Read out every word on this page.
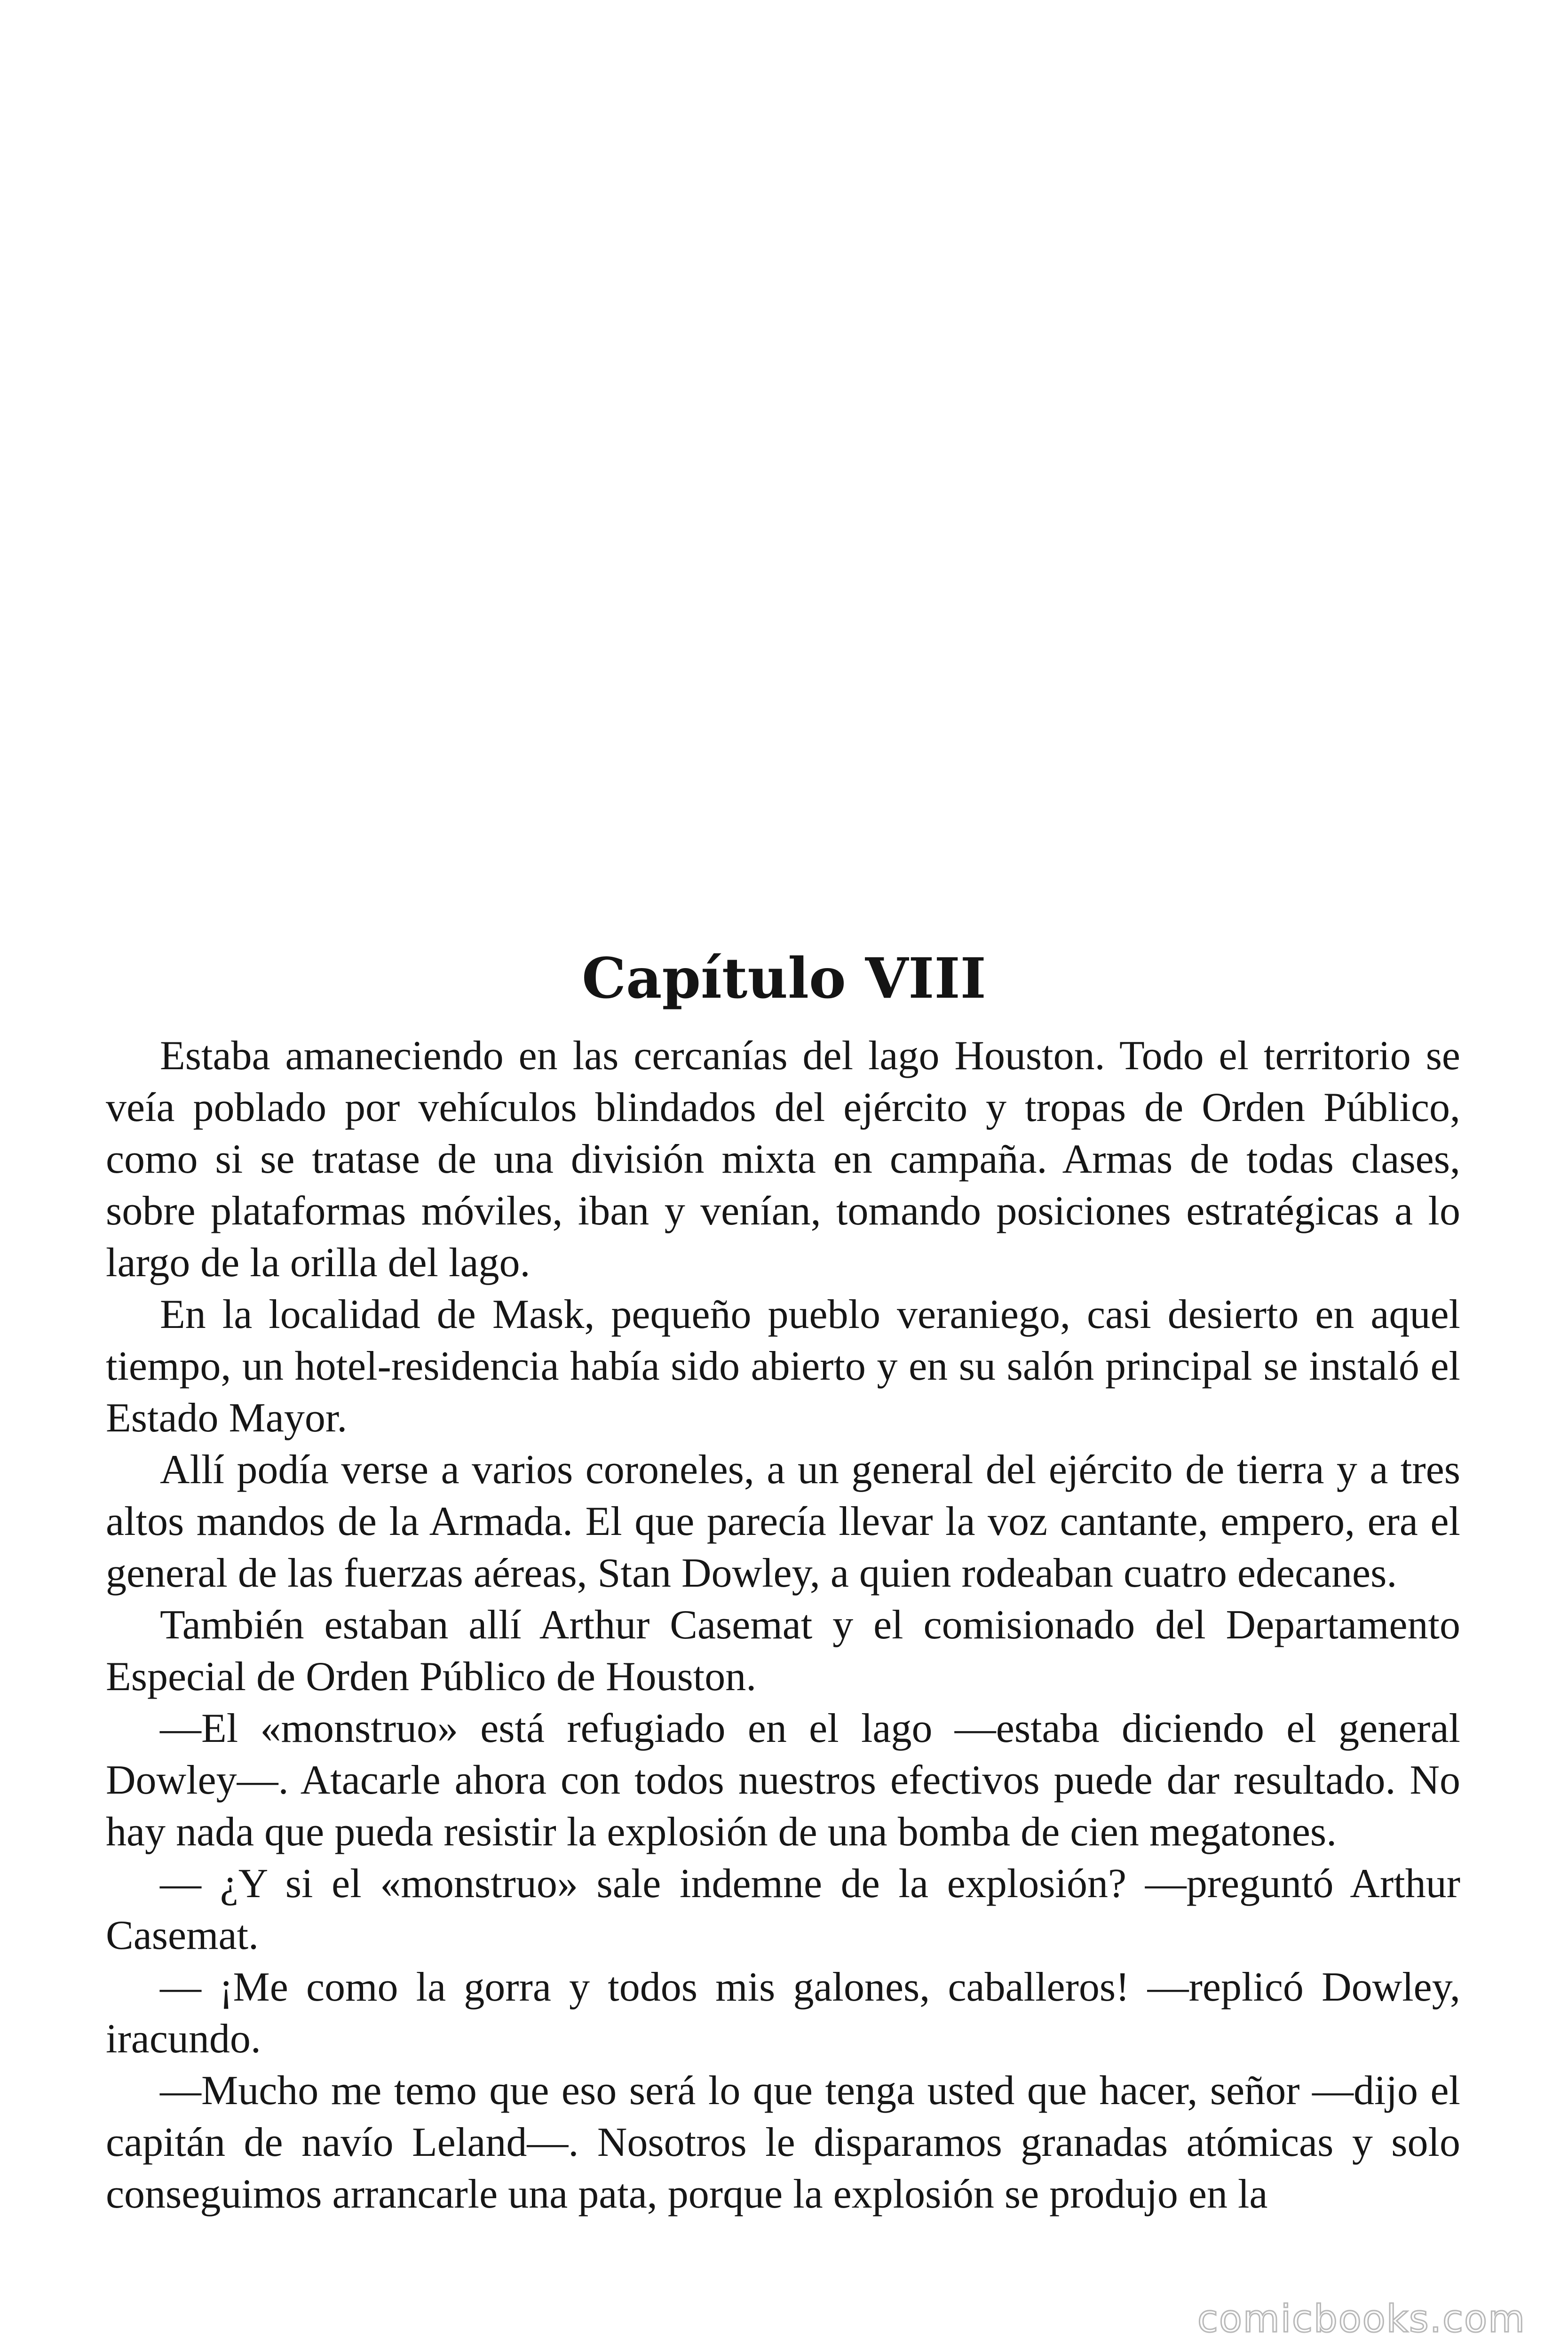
Capítulo VIII

Estaba amaneciendo en las cercanías del lago Houston. Todo el territorio se veía poblado por vehículos blindados del ejército y tropas de Orden Público, como si se tratase de una división mixta en campaña. Armas de todas clases, sobre plataformas móviles, iban y venían, tomando posiciones estratégicas a lo largo de la orilla del lago.

En la localidad de Mask, pequeño pueblo veraniego, casi desierto en aquel tiempo, un hotel-residencia había sido abierto y en su salón principal se instaló el Estado Mayor.

Allí podía verse a varios coroneles, a un general del ejército de tierra y a tres altos mandos de la Armada. El que parecía llevar la voz cantante, empero, era el general de las fuerzas aéreas, Stan Dowley, a quien rodeaban cuatro edecanes.

También estaban allí Arthur Casemat y el comisionado del Departamento Especial de Orden Público de Houston.

—El «monstruo» está refugiado en el lago —estaba diciendo el general Dowley—. Atacarle ahora con todos nuestros efectivos puede dar resultado. No hay nada que pueda resistir la explosión de una bomba de cien megatones.

— ¿Y si el «monstruo» sale indemne de la explosión? —preguntó Arthur Casemat.

— ¡Me como la gorra y todos mis galones, caballeros! —replicó Dowley, iracundo.

—Mucho me temo que eso será lo que tenga usted que hacer, señor —dijo el capitán de navío Leland—. Nosotros le disparamos granadas atómicas y solo conseguimos arrancarle una pata, porque la explosión se produjo en la

comicbooks.com
